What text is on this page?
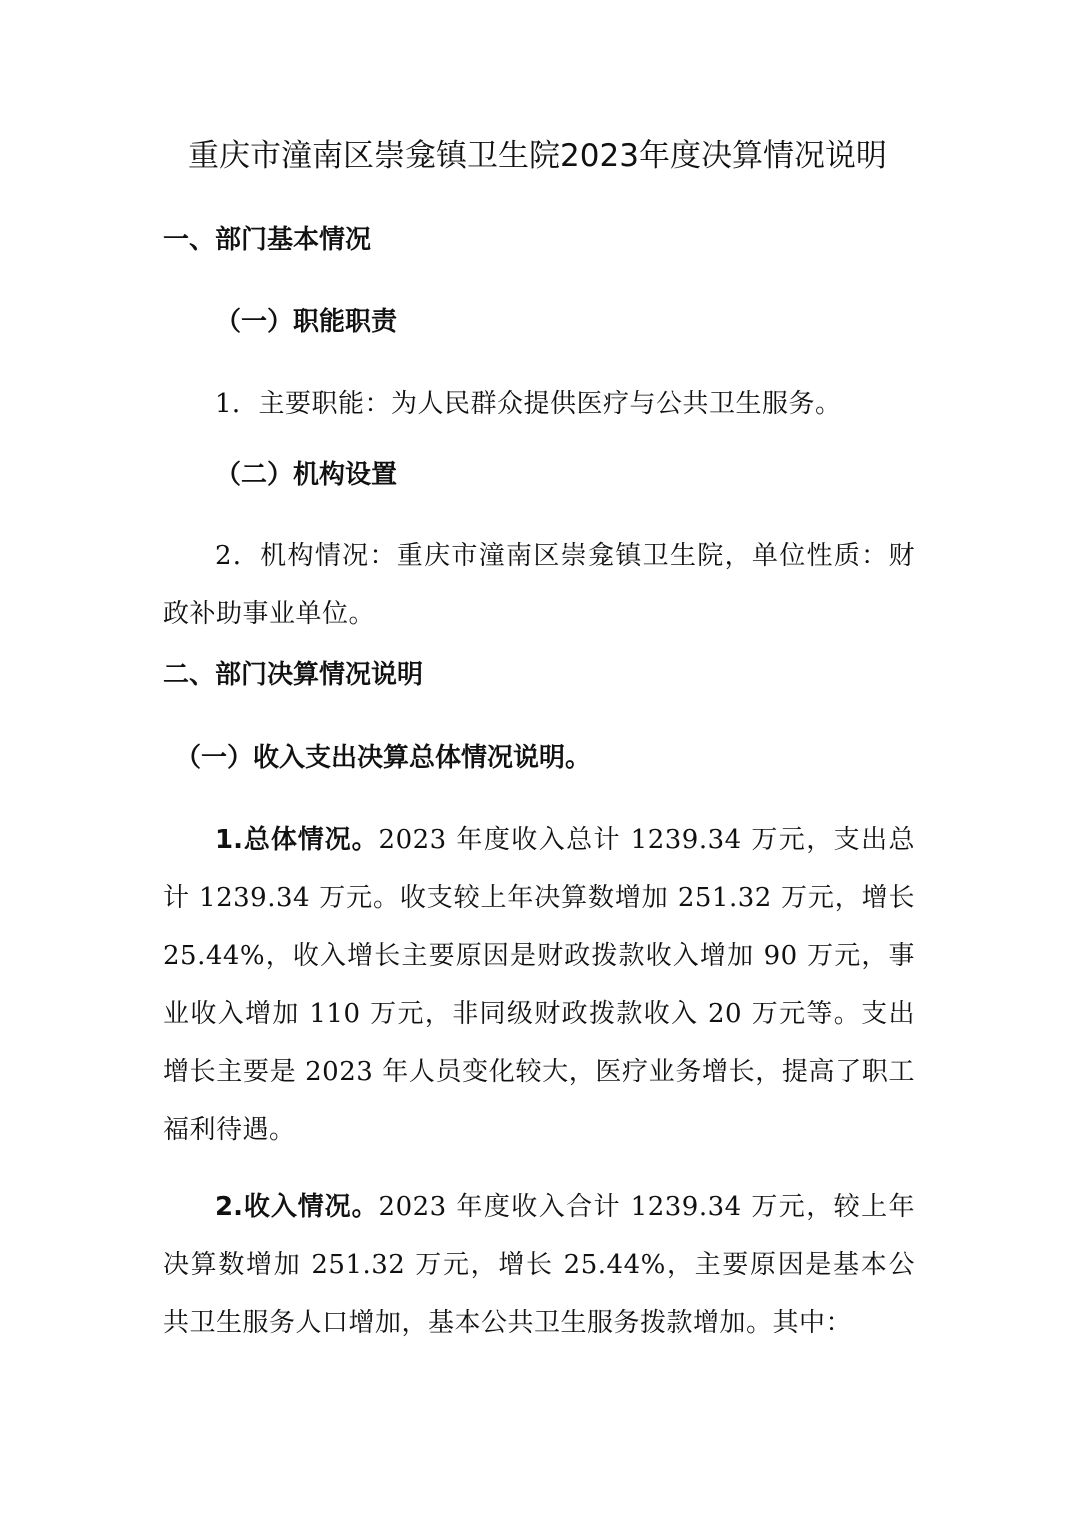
重庆市潼南区崇龛镇卫生院2023年度决算情况说明
一、部门基本情况
（一）职能职责
1．主要职能：为人民群众提供医疗与公共卫生服务。
（二）机构设置
2．机构情况：重庆市潼南区崇龛镇卫生院，单位性质：财政补助事业单位。
二、部门决算情况说明
（一）收入支出决算总体情况说明。
1.总体情况。2023 年度收入总计 1239.34 万元，支出总计 1239.34 万元。收支较上年决算数增加 251.32 万元，增长 25.44%，收入增长主要原因是财政拨款收入增加 90 万元，事业收入增加 110 万元，非同级财政拨款收入 20 万元等。支出增长主要是 2023 年人员变化较大，医疗业务增长，提高了职工福利待遇。
2.收入情况。2023 年度收入合计 1239.34 万元，较上年决算数增加 251.32 万元，增长 25.44%，主要原因是基本公共卫生服务人口增加，基本公共卫生服务拨款增加。其中：
